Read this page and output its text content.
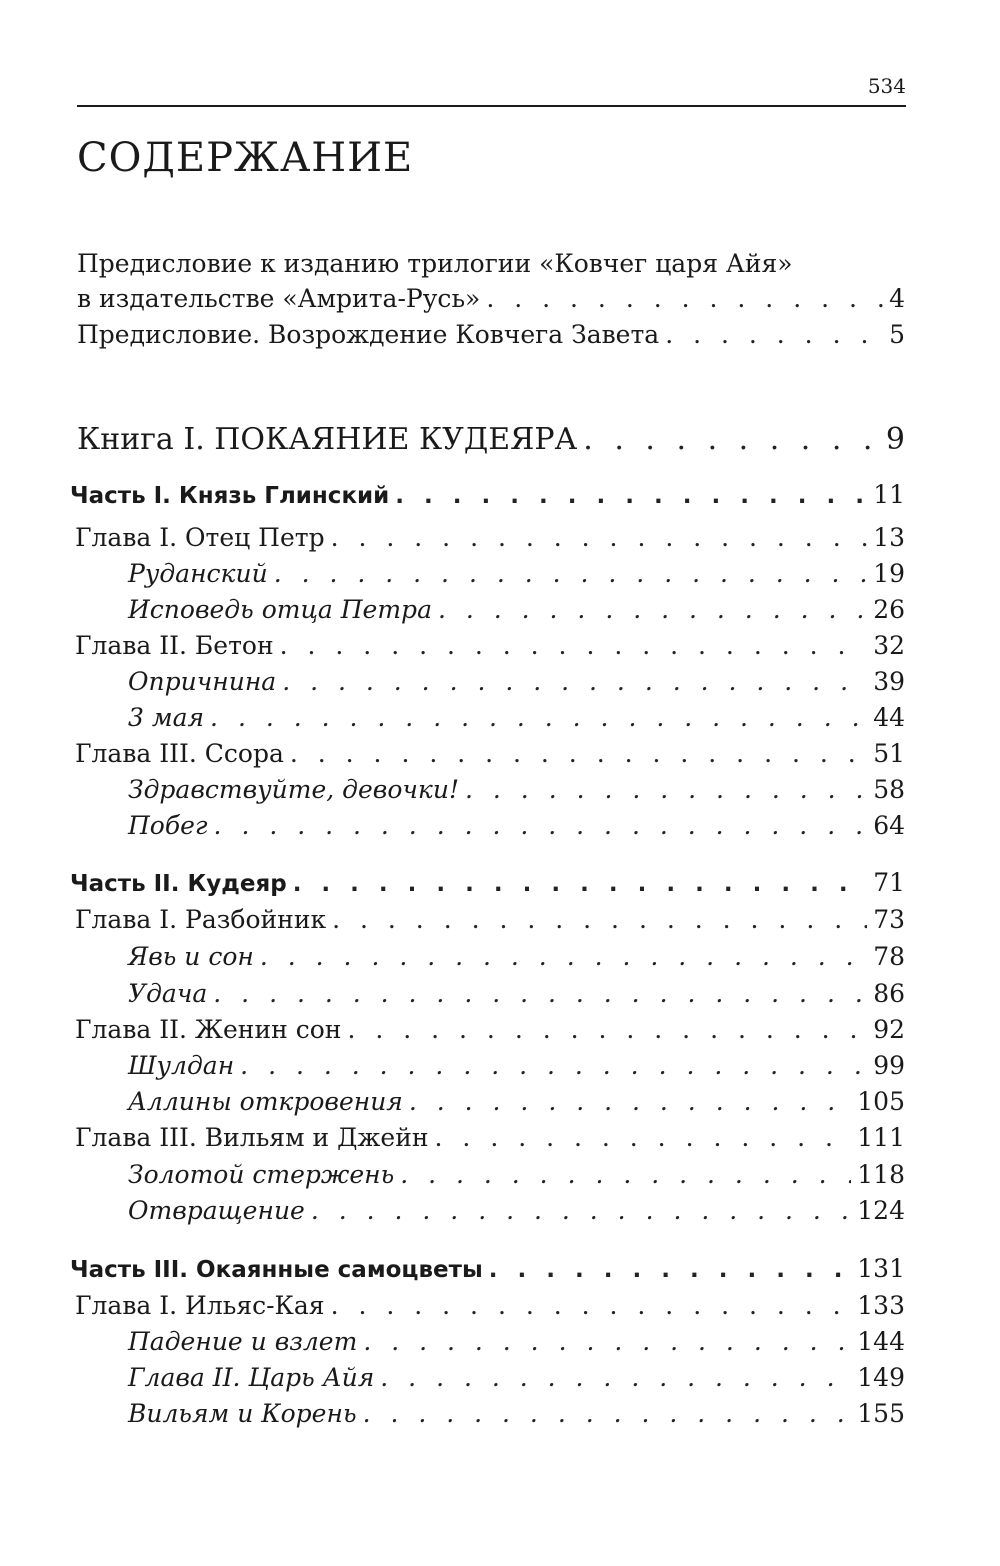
534
СОДЕРЖАНИЕ
Предисловие к изданию трилогии «Ковчег царя Айя»
в издательстве «Амрита-Русь» . . .	4
Предисловие. Возрождение Ковчега Завета . . .	5
Книга I. ПОКАЯНИЕ КУДЕЯРА . . .	9
Часть I. Князь Глинский . . .	11
Глава I. Отец Петр . . .	13
Руданский . . .	19
Исповедь отца Петра . . .	26
Глава II. Бетон . . .	32
Опричнина . . .	39
3 мая . . .	44
Глава III. Ссора . . .	51
Здравствуйте, девочки! . . .	58
Побег . . .	64
Часть II. Кудеяр . . .	71
Глава I. Разбойник . . .	73
Явь и сон . . .	78
Удача . . .	86
Глава II. Женин сон . . .	92
Шулдан . . .	99
Аллины откровения . . .	105
Глава III. Вильям и Джейн . . .	111
Золотой стержень . . .	118
Отвращение . . .	124
Часть III. Окаянные самоцветы . . .	131
Глава I. Ильяс-Кая . . .	133
Падение и взлет . . .	144
Глава II. Царь Айя . . .	149
Вильям и Корень . . .	155
